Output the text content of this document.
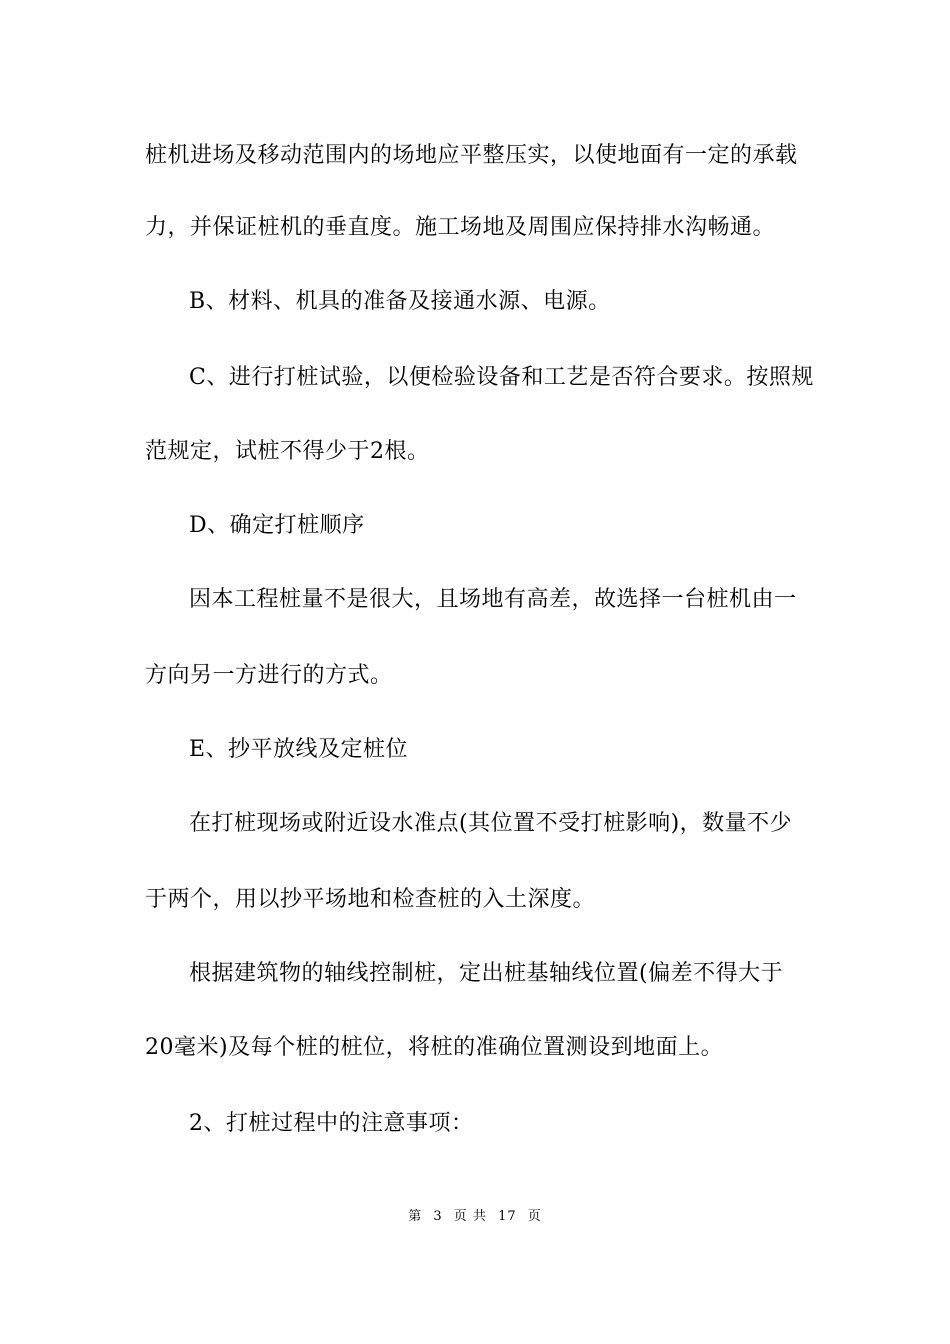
桩机进场及移动范围内的场地应平整压实，以使地面有一定的承载
力，并保证桩机的垂直度。施工场地及周围应保持排水沟畅通。
B、材料、机具的准备及接通水源、电源。
C、进行打桩试验，以便检验设备和工艺是否符合要求。按照规
范规定，试桩不得少于2根。
D、确定打桩顺序
因本工程桩量不是很大，且场地有高差，故选择一台桩机由一
方向另一方进行的方式。
E、抄平放线及定桩位
在打桩现场或附近设水准点(其位置不受打桩影响)，数量不少
于两个，用以抄平场地和检查桩的入土深度。
根据建筑物的轴线控制桩，定出桩基轴线位置(偏差不得大于
20毫米)及每个桩的桩位，将桩的准确位置测设到地面上。
2、打桩过程中的注意事项：
第 3 页 共 17 页
